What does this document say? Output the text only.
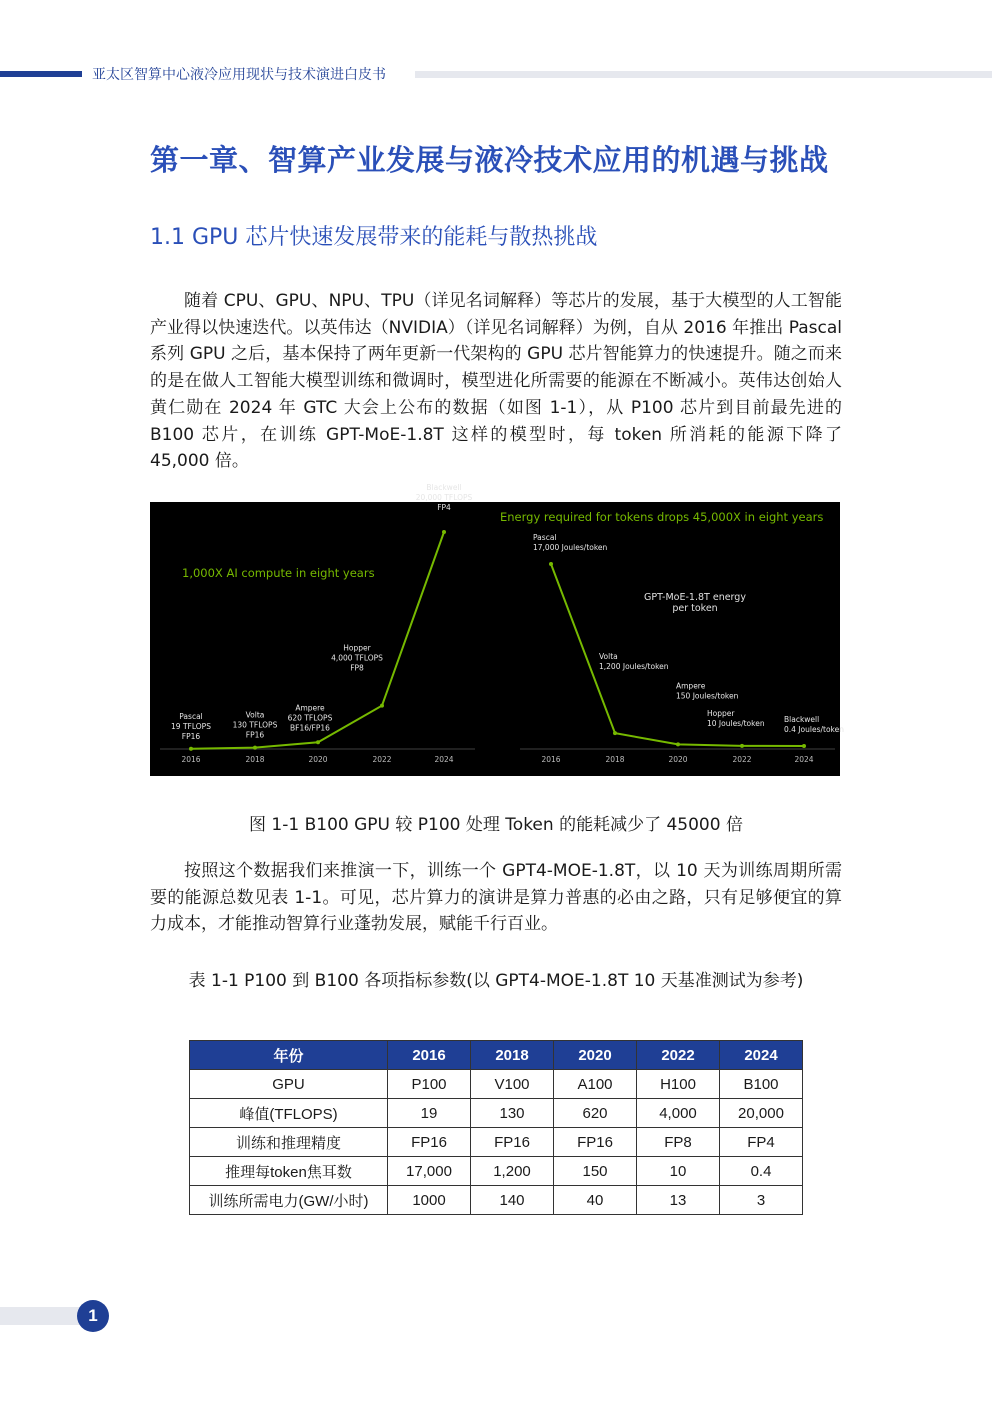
亚太区智算中心液冷应用现状与技术演进白皮书
第一章、智算产业发展与液冷技术应用的机遇与挑战
1.1 GPU 芯片快速发展带来的能耗与散热挑战

随着 CPU、GPU、NPU、TPU（详见名词解释）等芯片的发展，基于大模型的人工智能产业得以快速迭代。以英伟达（NVIDIA）（详见名词解释）为例，自从 2016 年推出 Pascal 系列 GPU 之后，基本保持了两年更新一代架构的 GPU 芯片智能算力的快速提升。随之而来的是在做人工智能大模型训练和微调时，模型进化所需要的能源在不断减小。英伟达创始人黄仁勋在 2024 年 GTC 大会上公布的数据（如图 1-1），从 P100 芯片到目前最先进的 B100 芯片，在训练 GPT-MoE-1.8T 这样的模型时，每 token 所消耗的能源下降了 45,000 倍。

Pascal
19 TFLOPS
FP16
2016
Volta
130 TFLOPS
FP16
2018
Ampere
620 TFLOPS
BF16/FP16
2020
Hopper
4,000 TFLOPS
FP8
2022
Blackwell
20,000 TFLOPS
FP4
2024
Pascal
17,000 Joules/token
2016
Volta
1,200 Joules/token
2018
Ampere
150 Joules/token
2020
Hopper
10 Joules/token
2022
Blackwell
0.4 Joules/token
2024
1,000X AI compute in eight years
Energy required for tokens drops 45,000X in eight years
GPT-MoE-1.8T energy
per token
图 1-1 B100 GPU 较 P100 处理 Token 的能耗减少了 45000 倍

按照这个数据我们来推演一下，训练一个 GPT4-MOE-1.8T，以 10 天为训练周期所需要的能源总数见表 1-1。可见，芯片算力的演讲是算力普惠的必由之路，只有足够便宜的算力成本，才能推动智算行业蓬勃发展，赋能千行百业。

表 1-1 P100 到 B100 各项指标参数(以 GPT4-MOE-1.8T 10 天基准测试为参考)
年份	2016	2018	2020	2022	2024
GPU	P100	V100	A100	H100	B100
峰值(TFLOPS)	19	130	620	4,000	20,000
训练和推理精度	FP16	FP16	FP16	FP8	FP4
推理每token焦耳数	17,000	1,200	150	10	0.4
训练所需电力(GW/小时)	1000	140	40	13	3
1
